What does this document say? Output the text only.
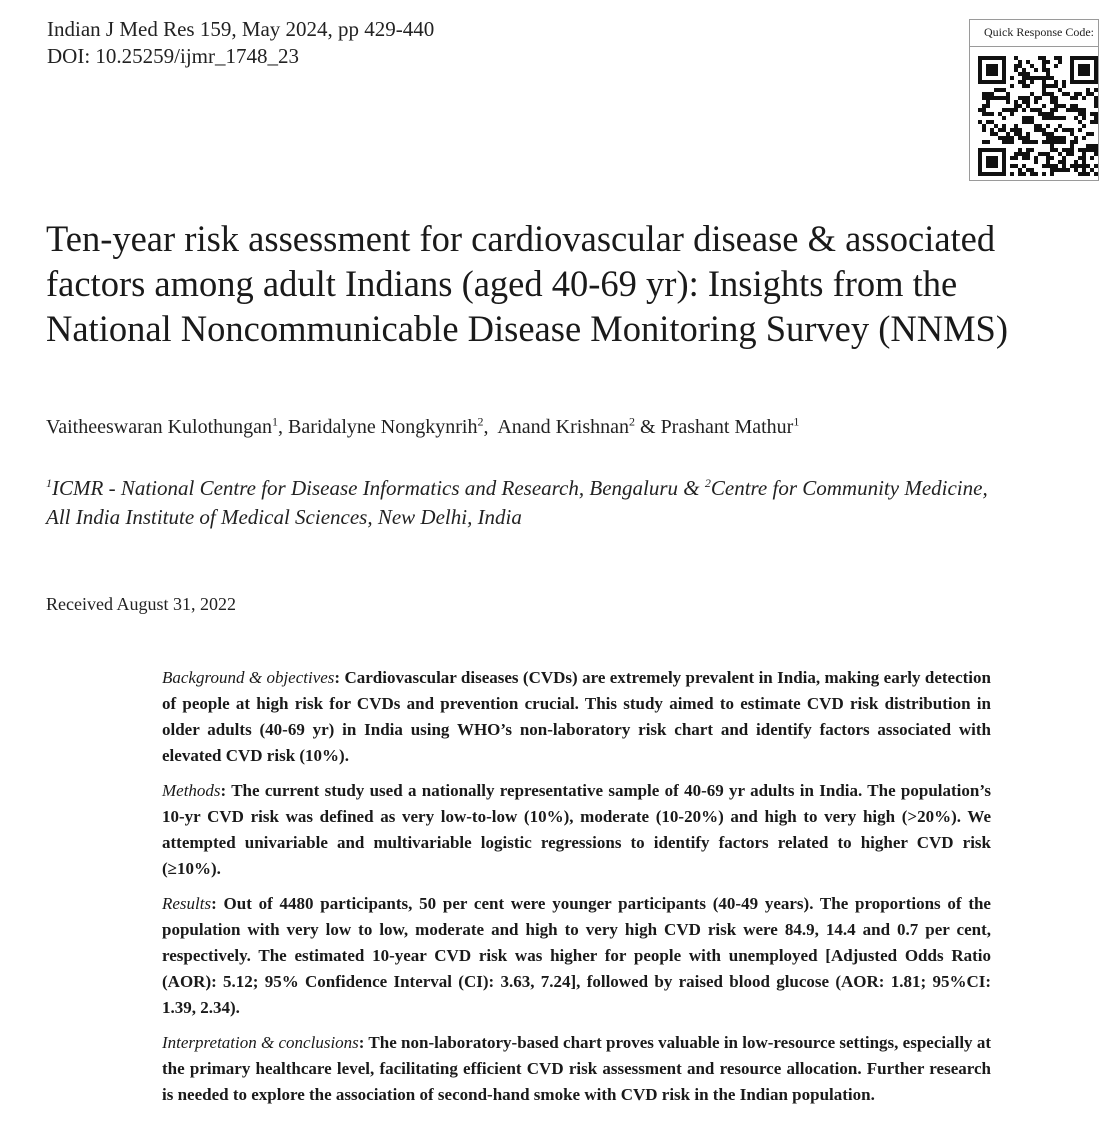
Indian J Med Res 159, May 2024, pp 429-440
DOI: 10.25259/ijmr_1748_23
Quick Response Code:
Ten-year risk assessment for cardiovascular disease & associated factors among adult Indians (aged 40-69 yr): Insights from the National Noncommunicable Disease Monitoring Survey (NNMS)
Vaitheeswaran Kulothungan$^1$, Baridalyne Nongkynrih$^2$,  Anand Krishnan$^2$ & Prashant Mathur$^1$
$^1$ICMR - National Centre for Disease Informatics and Research, Bengaluru & $^2$Centre for Community Medicine,
All India Institute of Medical Sciences, New Delhi, India
Received August 31, 2022

Background & objectives: Cardiovascular diseases (CVDs) are extremely prevalent in India, making early detection of people at high risk for CVDs and prevention crucial. This study aimed to estimate CVD risk distribution in older adults (40-69 yr) in India using WHO’s non-laboratory risk chart and identify factors associated with elevated CVD risk (10%).

Methods: The current study used a nationally representative sample of 40-69 yr adults in India. The population’s 10-yr CVD risk was defined as very low-to-low (10%), moderate (10-20%) and high to very high (>20%). We attempted univariable and multivariable logistic regressions to identify factors related to higher CVD risk (≥10%).

Results: Out of 4480 participants, 50 per cent were younger participants (40-49 years). The proportions of the population with very low to low, moderate and high to very high CVD risk were 84.9, 14.4 and 0.7 per cent, respectively. The estimated 10-year CVD risk was higher for people with unemployed [Adjusted Odds Ratio (AOR): 5.12; 95% Confidence Interval (CI): 3.63, 7.24], followed by raised blood glucose (AOR: 1.81; 95%CI: 1.39, 2.34).

Interpretation & conclusions: The non-laboratory-based chart proves valuable in low-resource settings, especially at the primary healthcare level, facilitating efficient CVD risk assessment and resource allocation. Further research is needed to explore the association of second-hand smoke with CVD risk in the Indian population.
